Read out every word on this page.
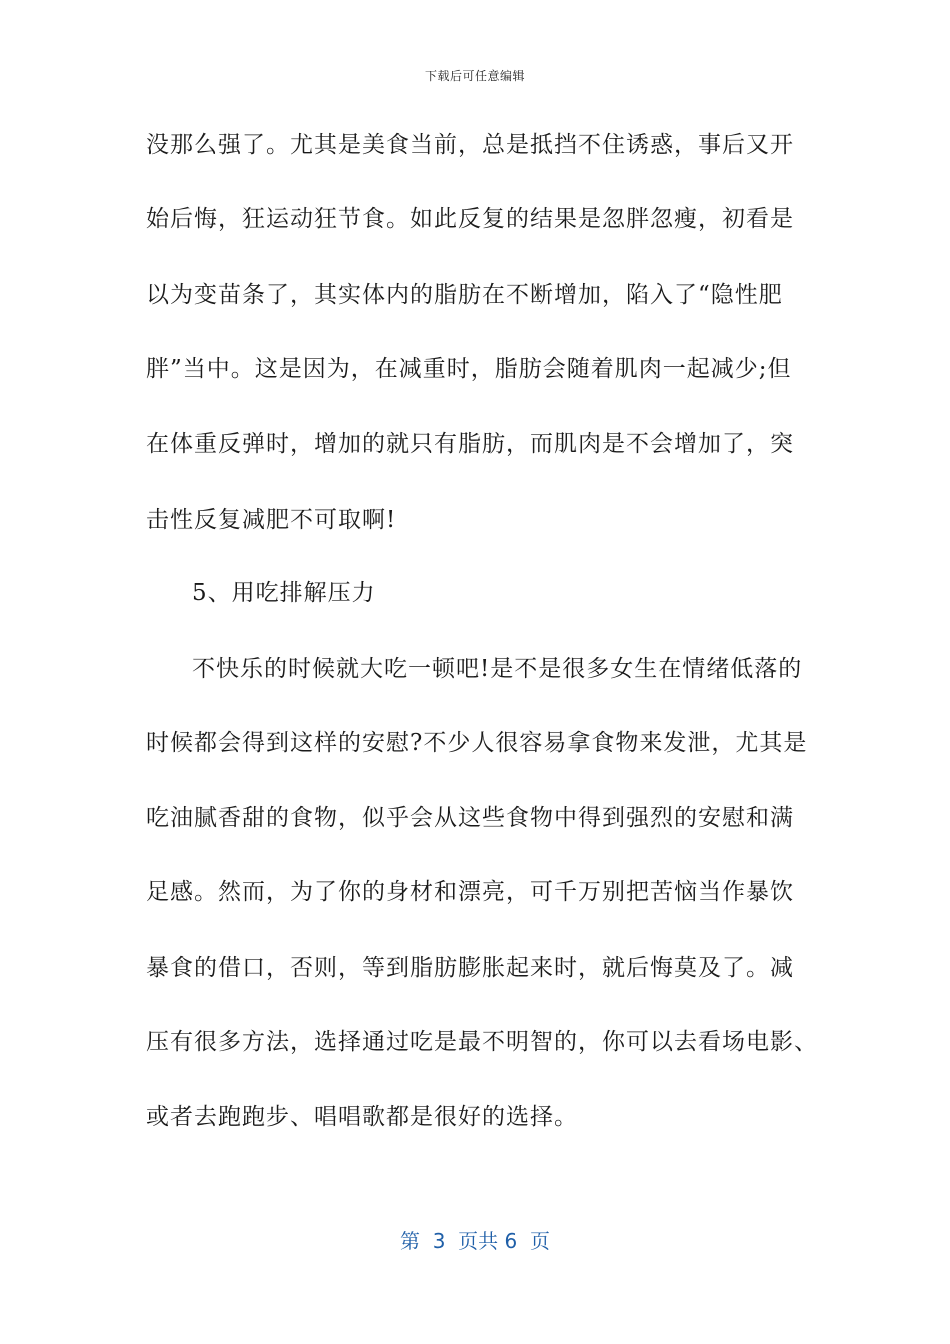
下载后可任意编辑
没那么强了。尤其是美食当前，总是抵挡不住诱惑，事后又开
始后悔，狂运动狂节食。如此反复的结果是忽胖忽瘦，初看是
以为变苗条了，其实体内的脂肪在不断增加，陷入了“隐性肥
胖”当中。这是因为，在减重时，脂肪会随着肌肉一起减少;但
在体重反弹时，增加的就只有脂肪，而肌肉是不会增加了，突
击性反复减肥不可取啊!
5、用吃排解压力
不快乐的时候就大吃一顿吧!是不是很多女生在情绪低落的
时候都会得到这样的安慰?不少人很容易拿食物来发泄，尤其是
吃油腻香甜的食物，似乎会从这些食物中得到强烈的安慰和满
足感。然而，为了你的身材和漂亮，可千万别把苦恼当作暴饮
暴食的借口，否则，等到脂肪膨胀起来时，就后悔莫及了。减
压有很多方法，选择通过吃是最不明智的，你可以去看场电影、
或者去跑跑步、唱唱歌都是很好的选择。
第  3  页共 6  页
